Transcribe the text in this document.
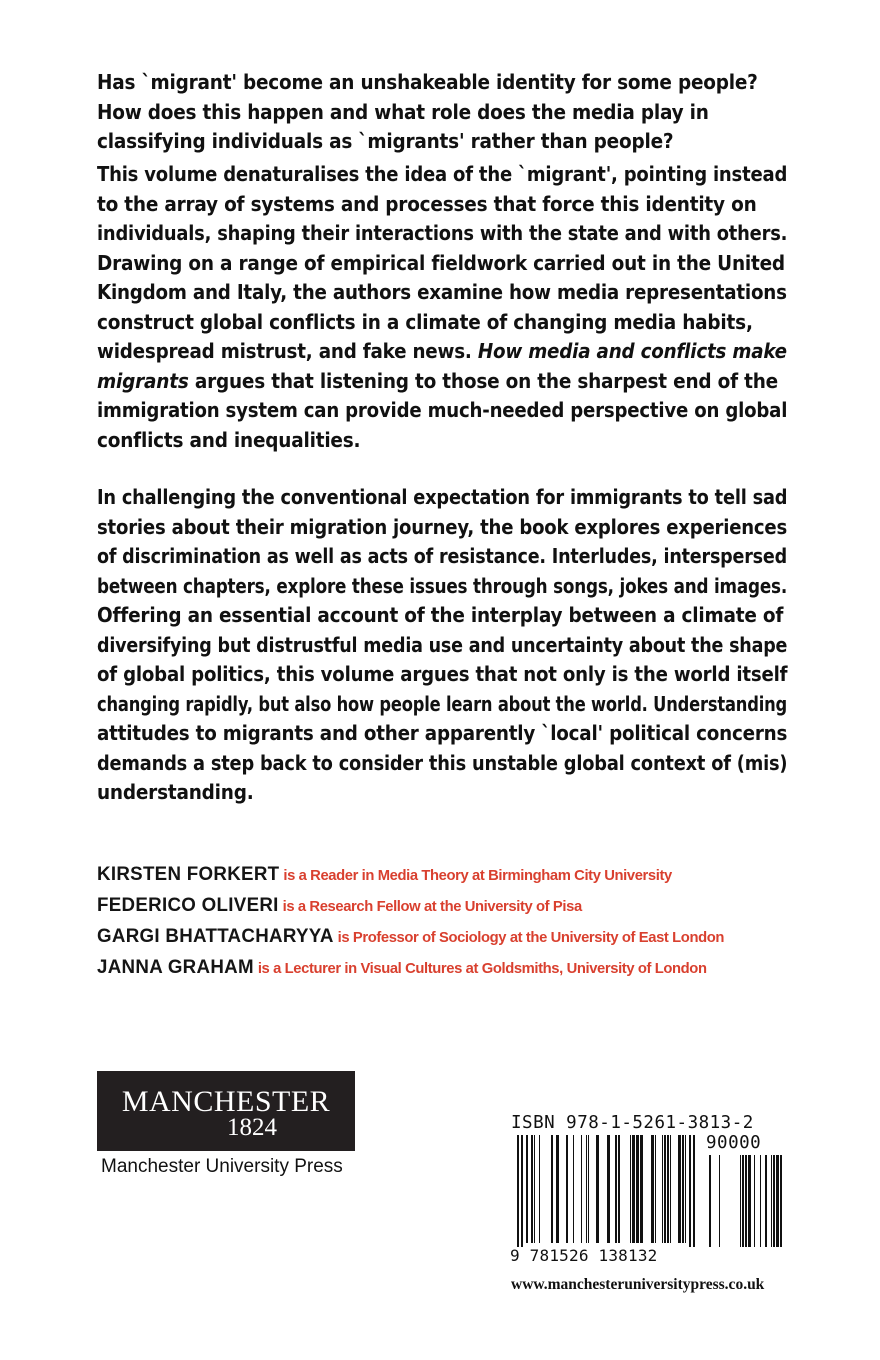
Has `migrant' become an unshakeable identity for some people?

How does this happen and what role does the media play in

classifying individuals as `migrants' rather than people?

This volume denaturalises the idea of the `migrant', pointing instead

to the array of systems and processes that force this identity on

individuals, shaping their interactions with the state and with others.

Drawing on a range of empirical fieldwork carried out in the United

Kingdom and Italy, the authors examine how media representations

construct global conflicts in a climate of changing media habits,

widespread mistrust, and fake news. How media and conflicts make

migrants argues that listening to those on the sharpest end of the

immigration system can provide much-needed perspective on global

conflicts and inequalities.

In challenging the conventional expectation for immigrants to tell sad

stories about their migration journey, the book explores experiences

of discrimination as well as acts of resistance. Interludes, interspersed

between chapters, explore these issues through songs, jokes and images.

Offering an essential account of the interplay between a climate of

diversifying but distrustful media use and uncertainty about the shape

of global politics, this volume argues that not only is the world itself

changing rapidly, but also how people learn about the world. Understanding

attitudes to migrants and other apparently `local' political concerns

demands a step back to consider this unstable global context of (mis)

understanding.

KIRSTEN FORKERT is a Reader in Media Theory at Birmingham City University
FEDERICO OLIVERI is a Research Fellow at the University of Pisa
GARGI BHATTACHARYYA is Professor of Sociology at the University of East London
JANNA GRAHAM is a Lecturer in Visual Cultures at Goldsmiths, University of London
MANCHESTER
1824
Manchester University Press
ISBN 978-1-5261-3813-2
90000
9 781526 138132
www.manchesteruniversitypress.co.uk
